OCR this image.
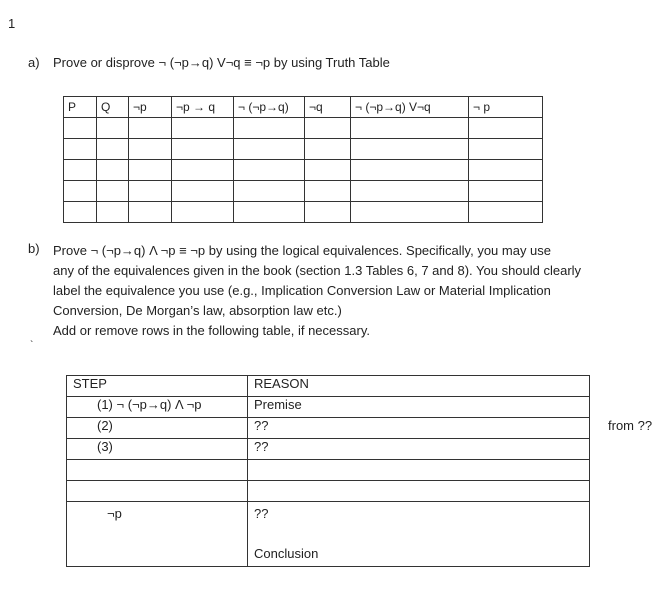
1
a) Prove or disprove ¬ (¬p→q) V¬q ≡ ¬p by using Truth Table
P	Q	¬p	¬p → q	¬ (¬p→q)	¬q	¬ (¬p→q) V¬q	¬ p

b) Prove ¬ (¬p→q) Λ ¬p ≡ ¬p by using the logical equivalences. Specifically, you may use

any of the equivalences given in the book (section 1.3 Tables 6, 7 and 8). You should clearly

label the equivalence you use (e.g., Implication Conversion Law or Material Implication

Conversion, De Morgan’s law, absorption law etc.)

Add or remove rows in the following table, if necessary.

`
STEP	REASON
(1) ¬ (¬p→q) Λ ¬p	Premise
(2)	?? from ??

(3)	??

¬p	??
Conclusion
